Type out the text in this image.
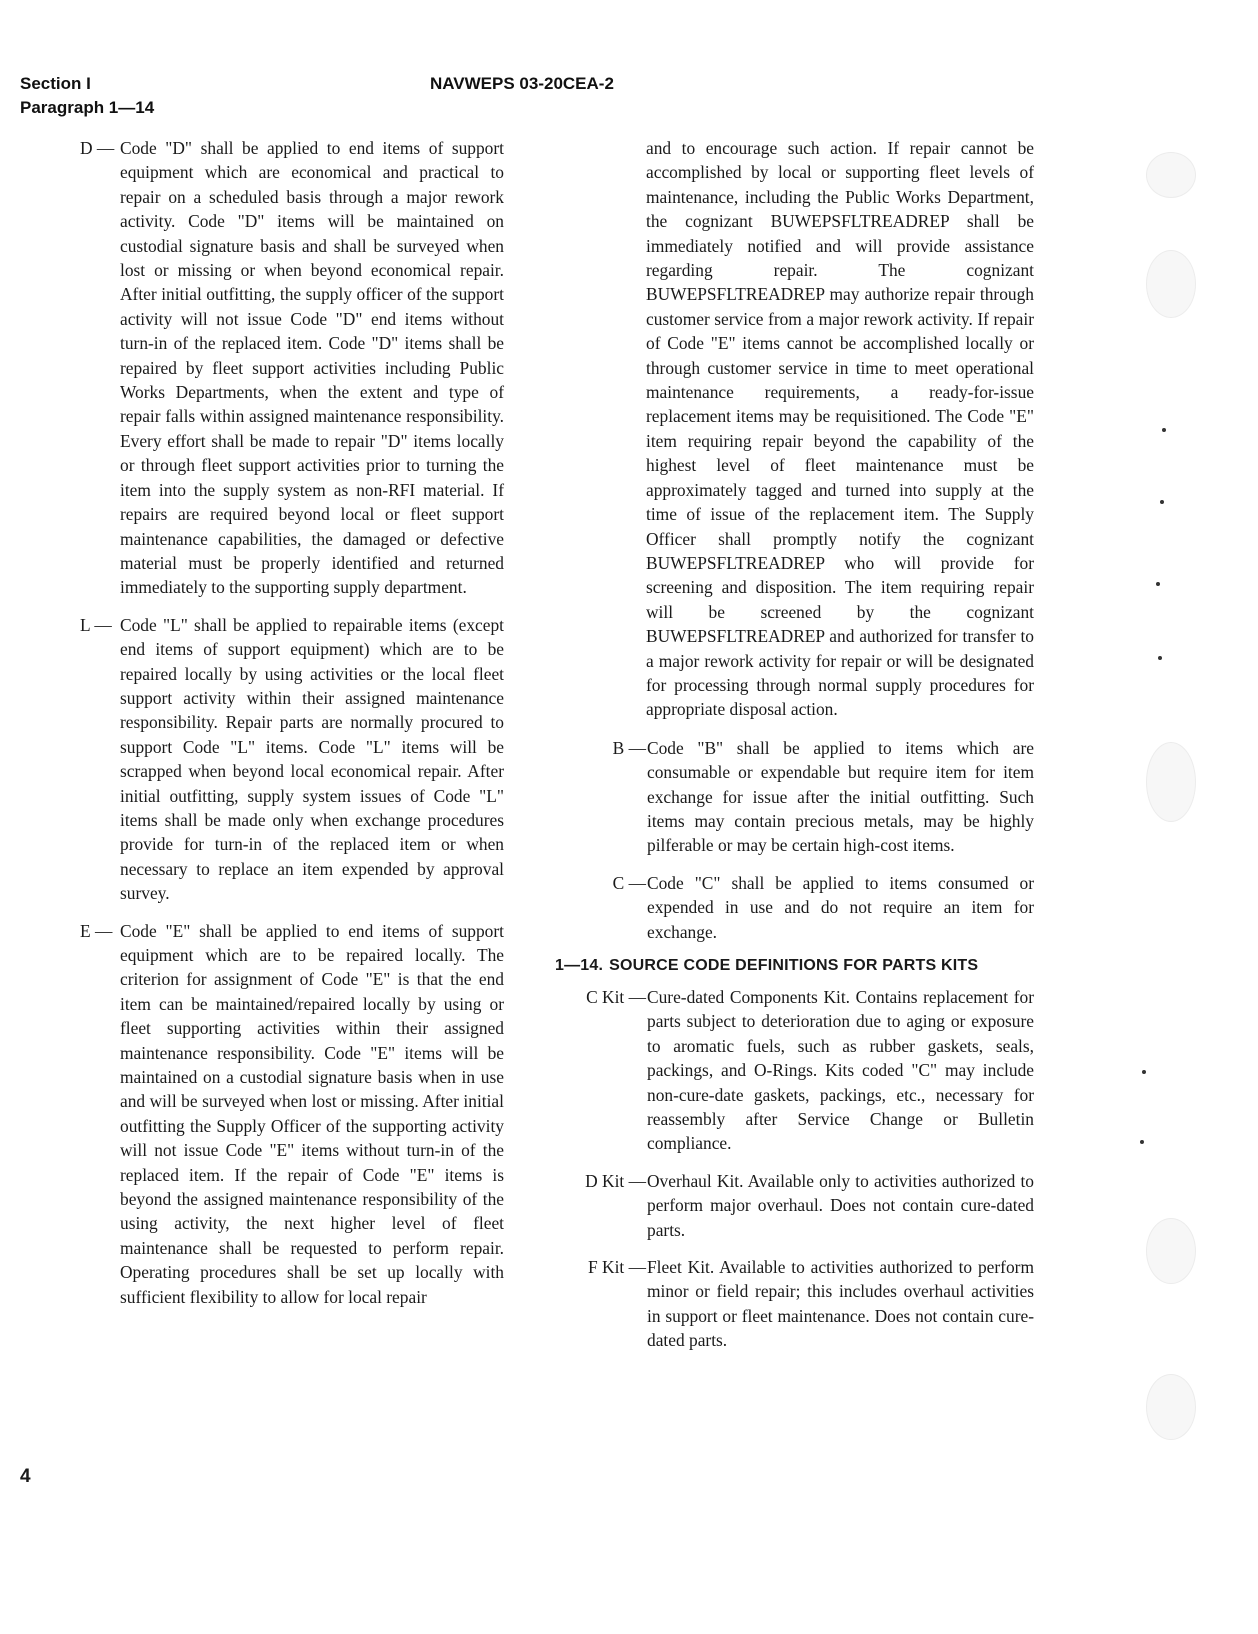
Section I
Paragraph 1—14
NAVWEPS 03-20CEA-2
D — Code "D" shall be applied to end items of support equipment which are economical and practical to repair on a scheduled basis through a major rework activity. Code "D" items will be maintained on custodial signature basis and shall be surveyed when lost or missing or when beyond economical repair. After initial outfitting, the supply officer of the support activity will not issue Code "D" end items without turn-in of the replaced item. Code "D" items shall be repaired by fleet support activities including Public Works Departments, when the extent and type of repair falls within assigned maintenance responsibility. Every effort shall be made to repair "D" items locally or through fleet support activities prior to turning the item into the supply system as non-RFI material. If repairs are required beyond local or fleet support maintenance capabilities, the damaged or defective material must be properly identified and returned immediately to the supporting supply department.
L — Code "L" shall be applied to repairable items (except end items of support equipment) which are to be repaired locally by using activities or the local fleet support activity within their assigned maintenance responsibility. Repair parts are normally procured to support Code "L" items. Code "L" items will be scrapped when beyond local economical repair. After initial outfitting, supply system issues of Code "L" items shall be made only when exchange procedures provide for turn-in of the replaced item or when necessary to replace an item expended by approval survey.
E — Code "E" shall be applied to end items of support equipment which are to be repaired locally. The criterion for assignment of Code "E" is that the end item can be maintained/repaired locally by using or fleet supporting activities within their assigned maintenance responsibility. Code "E" items will be maintained on a custodial signature basis when in use and will be surveyed when lost or missing. After initial outfitting the Supply Officer of the supporting activity will not issue Code "E" items without turn-in of the replaced item. If the repair of Code "E" items is beyond the assigned maintenance responsibility of the using activity, the next higher level of fleet maintenance shall be requested to perform repair. Operating procedures shall be set up locally with sufficient flexibility to allow for local repair
and to encourage such action. If repair cannot be accomplished by local or supporting fleet levels of maintenance, including the Public Works Department, the cognizant BUWEPSFLTREADREP shall be immediately notified and will provide assistance regarding repair. The cognizant BUWEPSFLTREADREP may authorize repair through customer service from a major rework activity. If repair of Code "E" items cannot be accomplished locally or through customer service in time to meet operational maintenance requirements, a ready-for-issue replacement items may be requisitioned. The Code "E" item requiring repair beyond the capability of the highest level of fleet maintenance must be approximately tagged and turned into supply at the time of issue of the replacement item. The Supply Officer shall promptly notify the cognizant BUWEPSFLTREADREP who will provide for screening and disposition. The item requiring repair will be screened by the cognizant BUWEPSFLTREADREP and authorized for transfer to a major rework activity for repair or will be designated for processing through normal supply procedures for appropriate disposal action.
B — Code "B" shall be applied to items which are consumable or expendable but require item for item exchange for issue after the initial outfitting. Such items may contain precious metals, may be highly pilferable or may be certain high-cost items.
C — Code "C" shall be applied to items consumed or expended in use and do not require an item for exchange.
1—14. SOURCE CODE DEFINITIONS FOR PARTS KITS
C Kit — Cure-dated Components Kit. Contains replacement for parts subject to deterioration due to aging or exposure to aromatic fuels, such as rubber gaskets, seals, packings, and O-Rings. Kits coded "C" may include non-cure-date gaskets, packings, etc., necessary for reassembly after Service Change or Bulletin compliance.
D Kit — Overhaul Kit. Available only to activities authorized to perform major overhaul. Does not contain cure-dated parts.
F Kit — Fleet Kit. Available to activities authorized to perform minor or field repair; this includes overhaul activities in support or fleet maintenance. Does not contain cure-dated parts.
4
